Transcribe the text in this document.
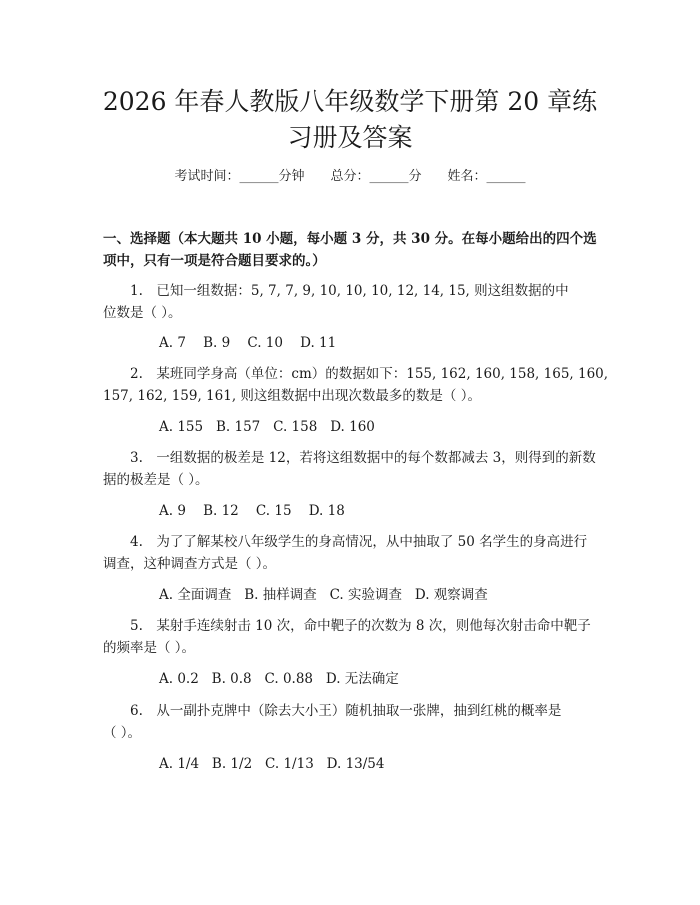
2026 年春人教版八年级数学下册第 20 章练
习册及答案
考试时间：______分钟　　总分：______分　　姓名：______
一、选择题（本大题共 10 小题，每小题 3 分，共 30 分。在每小题给出的四个选
项中，只有一项是符合题目要求的。）
1.　已知一组数据：5, 7, 7, 9, 10, 10, 10, 12, 14, 15, 则这组数据的中
位数是（ ）。
A. 7    B. 9    C. 10    D. 11
2.　某班同学身高（单位：cm）的数据如下：155, 162, 160, 158, 165, 160,
157, 162, 159, 161, 则这组数据中出现次数最多的数是（ ）。
A. 155   B. 157   C. 158   D. 160
3.　一组数据的极差是 12，若将这组数据中的每个数都减去 3，则得到的新数
据的极差是（ ）。
A. 9    B. 12    C. 15    D. 18
4.　为了了解某校八年级学生的身高情况，从中抽取了 50 名学生的身高进行
调查，这种调查方式是（ ）。
A. 全面调查   B. 抽样调查   C. 实验调查   D. 观察调查
5.　某射手连续射击 10 次，命中靶子的次数为 8 次，则他每次射击命中靶子
的频率是（ ）。
A. 0.2   B. 0.8   C. 0.88   D. 无法确定
6.　从一副扑克牌中（除去大小王）随机抽取一张牌，抽到红桃的概率是
（ ）。
A. 1/4   B. 1/2   C. 1/13   D. 13/54
